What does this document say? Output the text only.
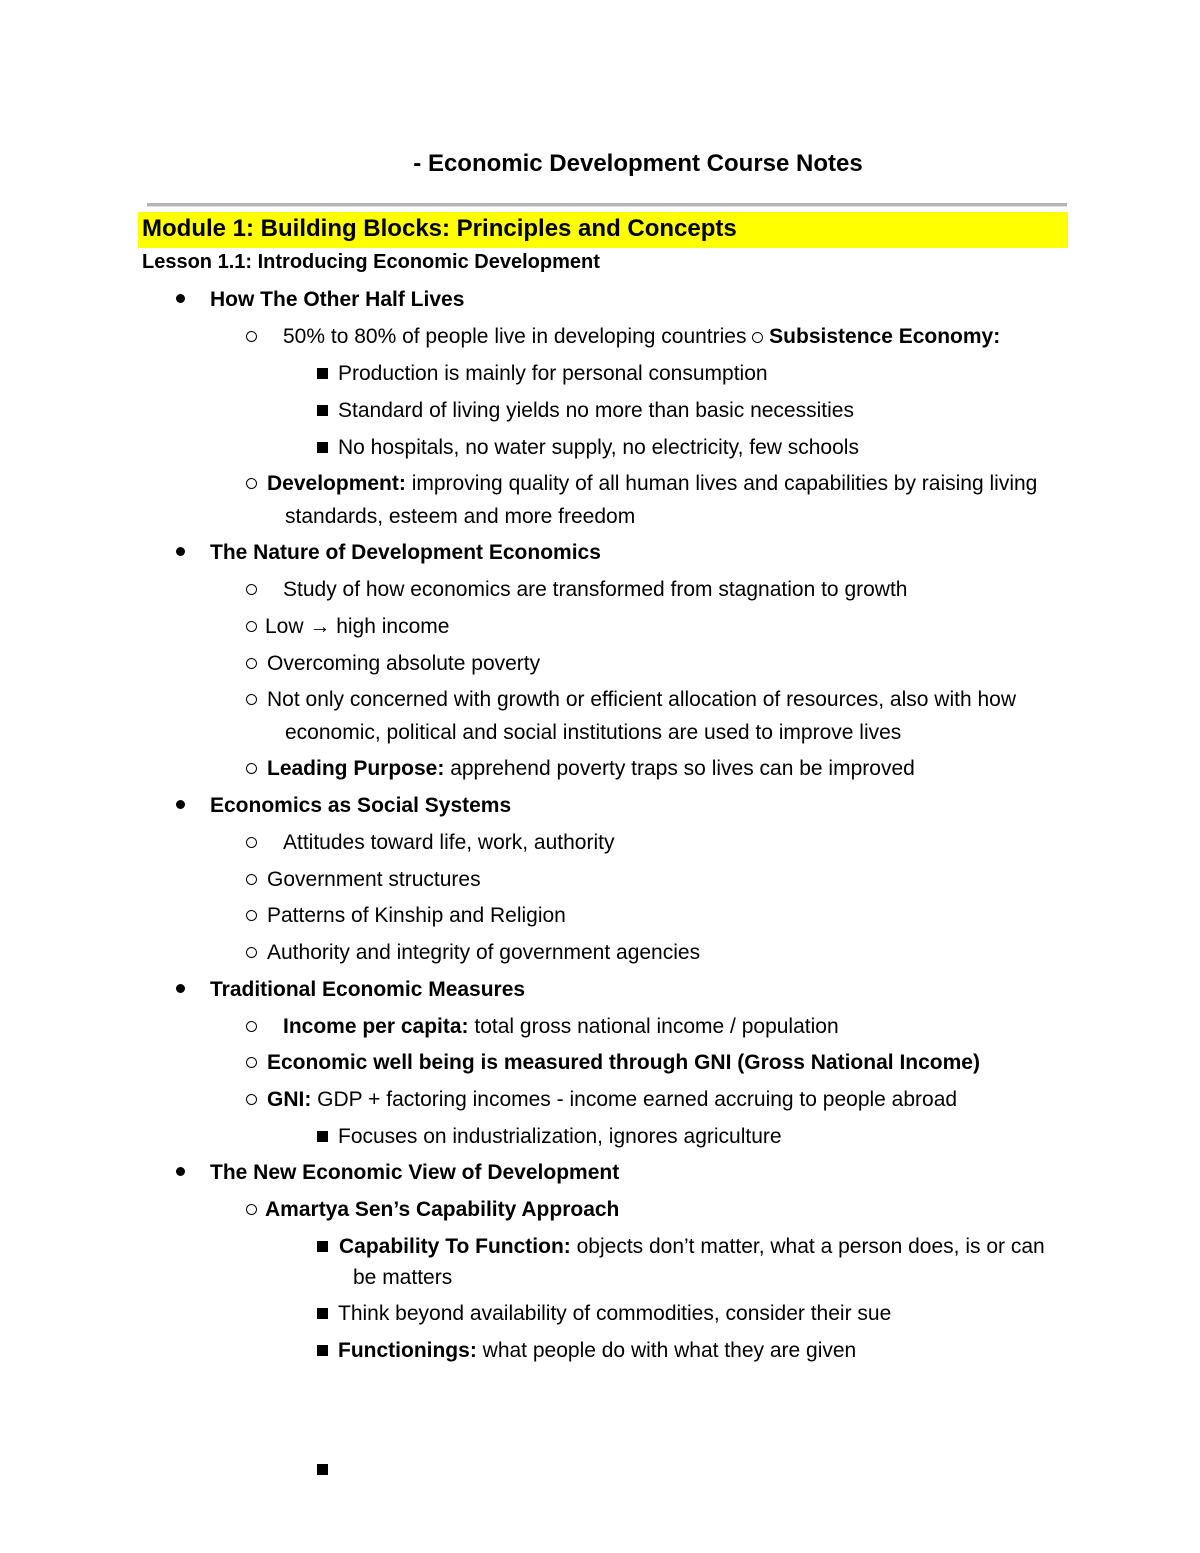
- Economic Development Course Notes
Module 1: Building Blocks: Principles and Concepts
Lesson 1.1: Introducing Economic Development
How The Other Half Lives
50% to 80% of people live in developing countries Subsistence Economy:
Production is mainly for personal consumption
Standard of living yields no more than basic necessities
No hospitals, no water supply, no electricity, few schools
Development: improving quality of all human lives and capabilities by raising living
standards, esteem and more freedom
The Nature of Development Economics
Study of how economics are transformed from stagnation to growth
Low → high income
Overcoming absolute poverty
Not only concerned with growth or efficient allocation of resources, also with how
economic, political and social institutions are used to improve lives
Leading Purpose: apprehend poverty traps so lives can be improved
Economics as Social Systems
Attitudes toward life, work, authority
Government structures
Patterns of Kinship and Religion
Authority and integrity of government agencies
Traditional Economic Measures
Income per capita: total gross national income / population
Economic well being is measured through GNI (Gross National Income)
GNI: GDP + factoring incomes - income earned accruing to people abroad
Focuses on industrialization, ignores agriculture
The New Economic View of Development
Amartya Sen’s Capability Approach
Capability To Function: objects don’t matter, what a person does, is or can
be matters
Think beyond availability of commodities, consider their sue
Functionings: what people do with what they are given
